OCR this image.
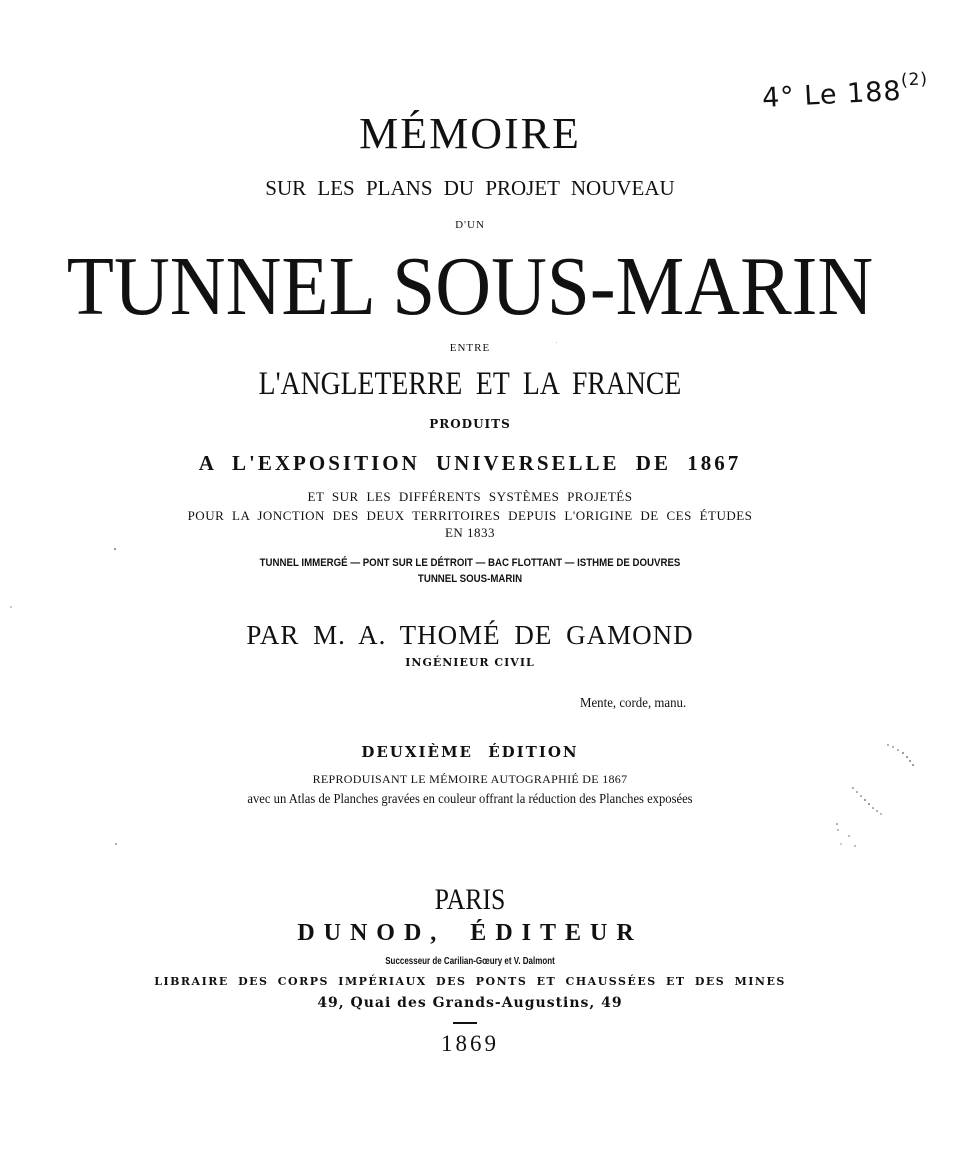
4° Le 188$^{(2)}$
MÉMOIRE
SUR LES PLANS DU PROJET NOUVEAU
D'UN
TUNNEL SOUS-MARIN
ENTRE
L'ANGLETERRE ET LA FRANCE
PRODUITS
A L'EXPOSITION UNIVERSELLE DE 1867
ET SUR LES DIFFÉRENTS SYSTÈMES PROJETÉS
POUR LA JONCTION DES DEUX TERRITOIRES DEPUIS L'ORIGINE DE CES ÉTUDES
EN 1833
TUNNEL IMMERGÉ — PONT SUR LE DÉTROIT — BAC FLOTTANT — ISTHME DE DOUVRES
TUNNEL SOUS-MARIN
PAR M. A. THOMÉ DE GAMOND
INGÉNIEUR CIVIL
Mente, corde, manu.
DEUXIÈME ÉDITION
REPRODUISANT LE MÉMOIRE AUTOGRAPHIÉ DE 1867
avec un Atlas de Planches gravées en couleur offrant la réduction des Planches exposées
PARIS
DUNOD, ÉDITEUR
Successeur de Carilian-Gœury et V. Dalmont
LIBRAIRE DES CORPS IMPÉRIAUX DES PONTS ET CHAUSSÉES ET DES MINES
49, Quai des Grands-Augustins, 49
1869
